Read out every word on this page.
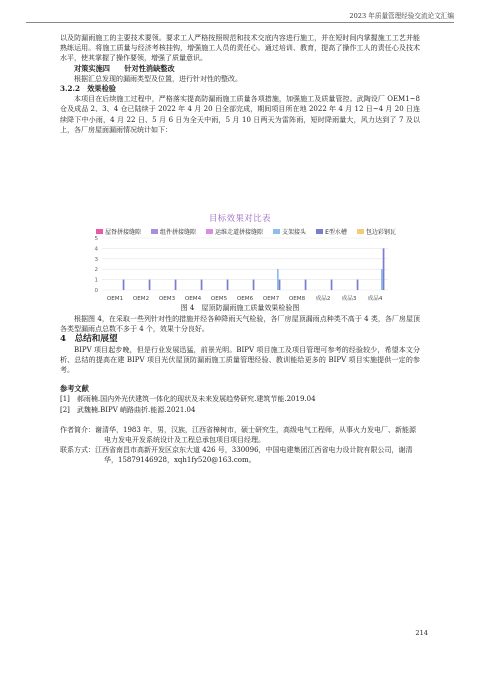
2023 年质量管理经验交流论文汇编

以及防漏雨施工的主要技术要领。要求工人严格按照规范和技术交底内容进行施工，并在短时间内掌握施工工艺并能熟练运用。将施工质量与经济考核挂钩，增强施工人员的责任心。通过培训、教育，提高了操作工人的责任心及技术水平，使其掌握了操作要领，增强了质量意识。

对策实施四　　针对性消缺整改

根据汇总发现的漏雨类型及位置，进行针对性的整改。

3.2.2　效果检验

本项目在后续施工过程中，严格落实提高防漏雨施工质量各项措施，加强施工及质量管控。武陶设厂 OEM1~8 仓及成品 2、3、4 仓已陆续于 2022 年 4 月 20 日全部完成，期间项目所在地 2022 年 4 月 12 日~4 月 20 日连续降下中小雨，4 月 22 日、5 月 6 日为全天中雨，5 月 10 日两天为雷阵雨，短时降雨量大，风力达到了 7 及以上，各厂房屋面漏雨情况统计如下：

目标效果对比表
屋脊拼接缝隙	组件拼接缝隙	运维走道拼接缝隙	支架接头	E型水槽	包边彩钢瓦
0
1
2
3
4
5
OEM1 OEM2 OEM3 OEM4 OEM5 OEM6 OEM7 OEM8 成品2 成品3 成品4
图 4　屋顶防漏雨施工质量效果检验图

根据图 4，在采取一些列针对性的措施并经各种降雨天气检验，各厂房屋顶漏雨点种类不高于 4 类，各厂房屋顶各类型漏雨点总数不多于 4 个，效果十分良好。

4　总结和展望

BIPV 项目起步晚，但是行业发展迅猛，前景光明。BIPV 项目施工及项目管理可参考的经验较少，希望本文分析、总结的提高在建 BIPV 项目光伏屋顶防漏雨施工质量管理经验、教训能给更多的 BIPV 项目实施提供一定的参考。

参考文献

[1]　郝雨楠.国内外光伏建筑一体化的现状及未来发展趋势研究.建筑节能.2019.04

[2]　武魏楠.BIPV 峭路曲折.能源.2021.04

作者简介：谢清华，1983 年，男，汉族，江西省樟树市，硕士研究生，高级电气工程师，从事火力发电厂、新能源电力发电开发系统设计及工程总承包项目项目经理。

联系方式：江西省南昌市高新开发区京东大道 426 号，330096，中国电建集团江西省电力设计院有限公司，谢清华，15879146928，xqh1fy520@163.com。

214
